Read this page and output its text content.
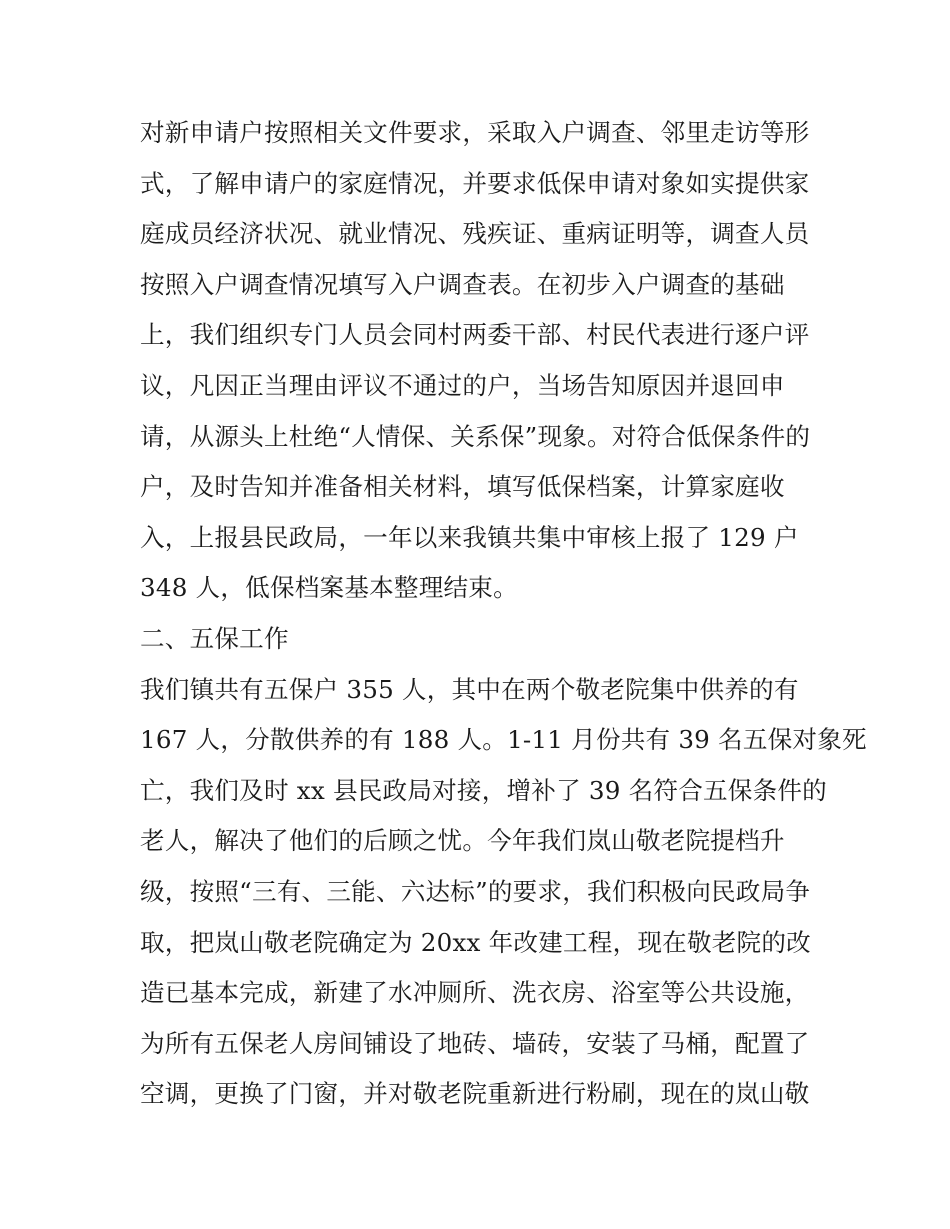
对新申请户按照相关文件要求，采取入户调查、邻里走访等形
式，了解申请户的家庭情况，并要求低保申请对象如实提供家
庭成员经济状况、就业情况、残疾证、重病证明等，调查人员
按照入户调查情况填写入户调查表。在初步入户调查的基础
上，我们组织专门人员会同村两委干部、村民代表进行逐户评
议，凡因正当理由评议不通过的户，当场告知原因并退回申
请，从源头上杜绝“人情保、关系保”现象。对符合低保条件的
户，及时告知并准备相关材料，填写低保档案，计算家庭收
入，上报县民政局，一年以来我镇共集中审核上报了 129 户
348 人，低保档案基本整理结束。
二、五保工作
我们镇共有五保户 355 人，其中在两个敬老院集中供养的有
167 人，分散供养的有 188 人。1-11 月份共有 39 名五保对象死
亡，我们及时 xx 县民政局对接，增补了 39 名符合五保条件的
老人，解决了他们的后顾之忧。今年我们岚山敬老院提档升
级，按照“三有、三能、六达标”的要求，我们积极向民政局争
取，把岚山敬老院确定为 20xx 年改建工程，现在敬老院的改
造已基本完成，新建了水冲厕所、洗衣房、浴室等公共设施，
为所有五保老人房间铺设了地砖、墙砖，安装了马桶，配置了
空调，更换了门窗，并对敬老院重新进行粉刷，现在的岚山敬
